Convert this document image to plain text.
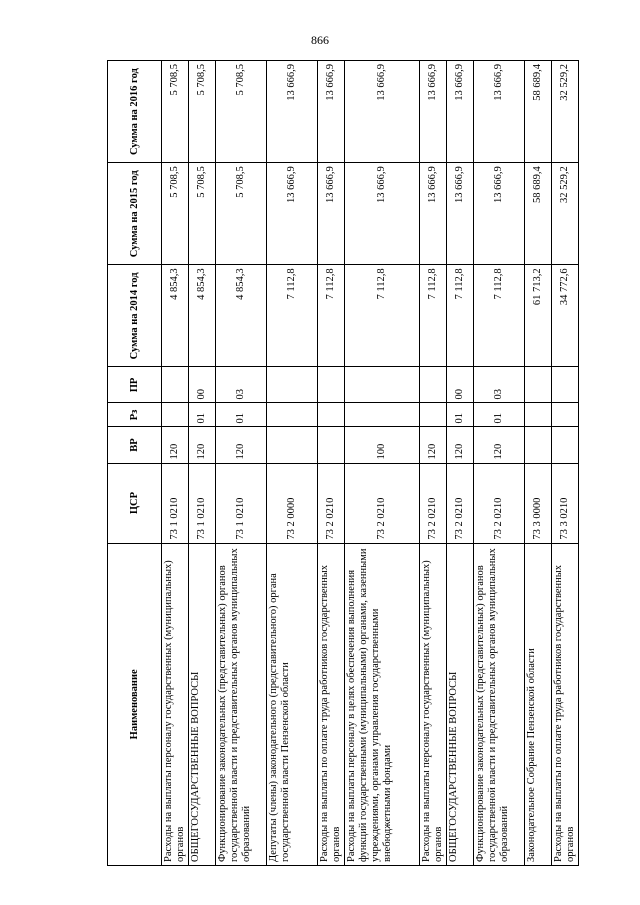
866
Наименование	ЦСР	ВР	Рз	ПР	Сумма на 2014 год	Сумма на 2015 год	Сумма на 2016 год
Расходы на выплаты персоналу государственных (муниципальных) органов	73 1 0210	120			4 854,3	5 708,5	5 708,5
ОБЩЕГОСУДАРСТВЕННЫЕ ВОПРОСЫ	73 1 0210	120	01	00	4 854,3	5 708,5	5 708,5
Функционирование законодательных (представительных) органов государственной власти и представительных органов муниципальных образований	73 1 0210	120	01	03	4 854,3	5 708,5	5 708,5
Депутаты (члены) законодательного (представительного) органа государственной власти Пензенской области	73 2 0000				7 112,8	13 666,9	13 666,9
Расходы на выплаты по оплате труда работников государственных органов	73 2 0210				7 112,8	13 666,9	13 666,9
Расходы на выплаты персоналу в целях обеспечения выполнения функций государственными (муниципальными) органами, казенными учреждениями, органами управления государственными внебюджетными фондами	73 2 0210	100			7 112,8	13 666,9	13 666,9
Расходы на выплаты персоналу государственных (муниципальных) органов	73 2 0210	120			7 112,8	13 666,9	13 666,9
ОБЩЕГОСУДАРСТВЕННЫЕ ВОПРОСЫ	73 2 0210	120	01	00	7 112,8	13 666,9	13 666,9
Функционирование законодательных (представительных) органов государственной власти и представительных органов муниципальных образований	73 2 0210	120	01	03	7 112,8	13 666,9	13 666,9
Законодательное Собрание Пензенской области	73 3 0000				61 713,2	58 689,4	58 689,4
Расходы на выплаты по оплате труда работников государственных органов	73 3 0210				34 772,6	32 529,2	32 529,2
